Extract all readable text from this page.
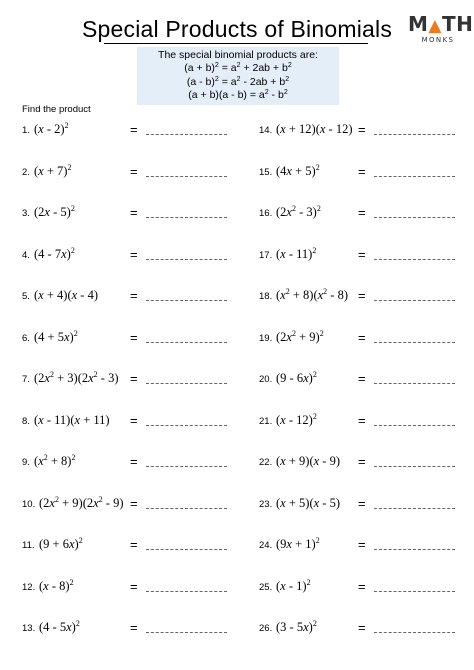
Special Products of Binomials M▲TH
MONKS
The special binomial products are:
$(a + b)^2 = a^2 + 2ab + b^2$
$(a - b)^2 = a^2 - 2ab + b^2$
$(a + b)(a - b) = a^2 - b^2$
Find the product
1. (x - 2)$^2$	=
2. $(x + 7)^2$	=
3. (2x - 5)$^2$	=
4. (4 - 7x)$^2$	=
5. (x + 4)(x - 4) =
6. $(4 + 5x)^2$	=
7. $(2x^2 + 3)(2x^2 - 3)$ =
8. (x - 11)(x + 11) =
9. $(x^2 + 8)^2$	=
10. $(2x^2 + 9)(2x^2 - 9)$ =
11. $(9 + 6x)^2$	=
12. (x - 8)$^2$	=
13. (4 - 5x)$^2$	=
14. (x + 12)(x - 12) =
15. $(4x + 5)^2$	=
16. $(2x^2 - 3)^2$	=
17. (x - 11)$^2$	=
18. $(x^2 + 8)(x^2 - 8)$ =
19. $(2x^2 + 9)^2$	=
20. (9 - 6x)$^2$	=
21. (x - 12)$^2$	=
22. (x + 9)(x - 9) =
23. (x + 5)(x - 5) =
24. $(9x + 1)^2$	=
25. (x - 1)$^2$	=
26. (3 - 5x)$^2$	=
